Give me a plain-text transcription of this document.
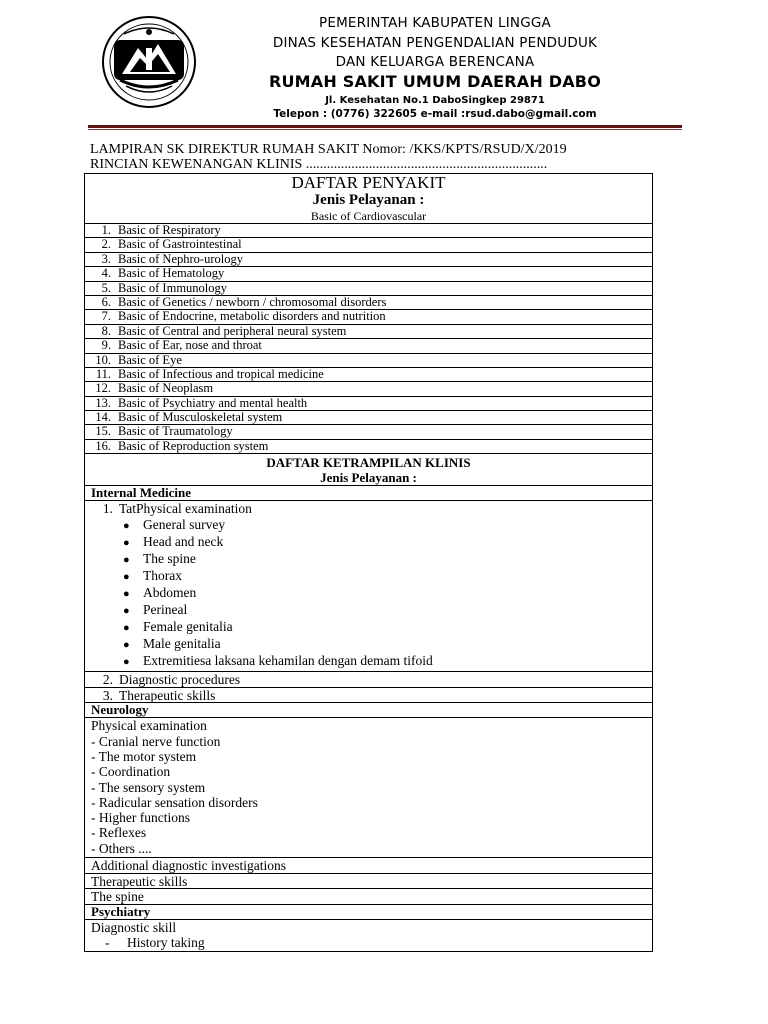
PEMERINTAH KABUPATEN LINGGA
DINAS KESEHATAN PENGENDALIAN PENDUDUK
DAN KELUARGA BERENCANA
RUMAH SAKIT UMUM DAERAH DABO
Jl. Kesehatan No.1 DaboSingkep 29871
Telepon : (0776) 322605 e-mail :rsud.dabo@gmail.com
LAMPIRAN SK DIREKTUR RUMAH SAKIT Nomor: /KKS/KPTS/RSUD/X/2019
RINCIAN KEWENANGAN KLINIS .....................................................................
DAFTAR PENYAKIT
Jenis Pelayanan :
Basic of Cardiovascular
1. Basic of Respiratory
2. Basic of Gastrointestinal
3. Basic of Nephro-urology
4. Basic of Hematology
5. Basic of Immunology
6. Basic of Genetics / newborn / chromosomal disorders
7. Basic of Endocrine, metabolic disorders and nutrition
8. Basic of Central and peripheral neural system
9. Basic of Ear, nose and throat
10. Basic of Eye
11. Basic of Infectious and tropical medicine
12. Basic of Neoplasm
13. Basic of Psychiatry and mental health
14. Basic of Musculoskeletal system
15. Basic of Traumatology
16. Basic of Reproduction system
DAFTAR KETRAMPILAN KLINIS
Jenis Pelayanan :
Internal Medicine
1. TatPhysical examination
● General survey
● Head and neck
● The spine
● Thorax
● Abdomen
● Perineal
● Female genitalia
● Male genitalia
● Extremitiesa laksana kehamilan dengan demam tifoid
2. Diagnostic procedures
3. Therapeutic skills
Neurology
Physical examination
- Cranial nerve function
- The motor system
- Coordination
- The sensory system
- Radicular sensation disorders
- Higher functions
- Reflexes
- Others ....
Additional diagnostic investigations
Therapeutic skills
The spine
Psychiatry
Diagnostic skill
- History taking
